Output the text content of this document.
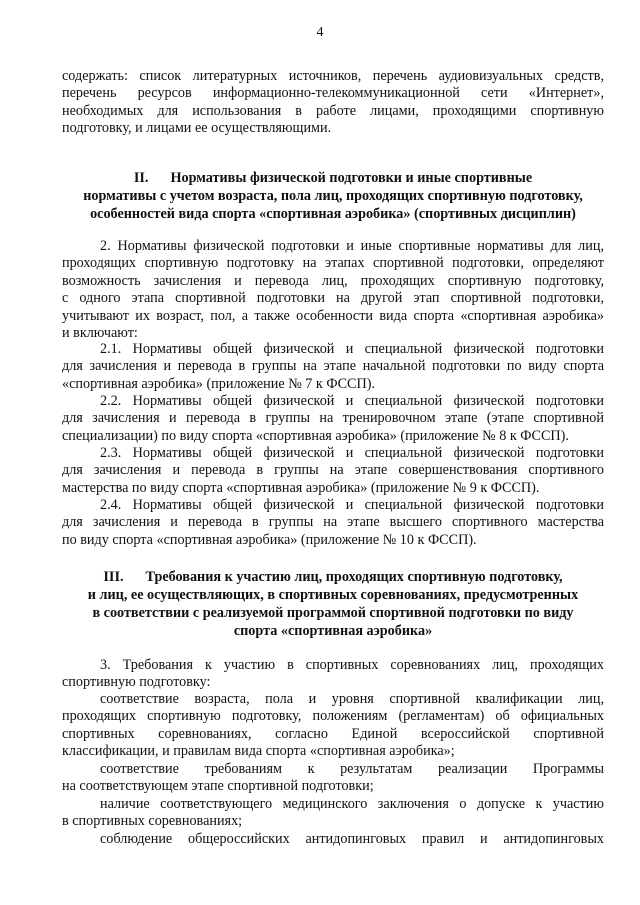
4
содержать: список литературных источников, перечень аудиовизуальных средств,
перечень ресурсов информационно-телекоммуникационной сети «Интернет»,
необходимых для использования в работе лицами, проходящими спортивную
подготовку, и лицами ее осуществляющими.
II. Нормативы физической подготовки и иные спортивные
нормативы с учетом возраста, пола лиц, проходящих спортивную подготовку,
особенностей вида спорта «спортивная аэробика» (спортивных дисциплин)
2. Нормативы физической подготовки и иные спортивные нормативы для лиц,
проходящих спортивную подготовку на этапах спортивной подготовки, определяют
возможность зачисления и перевода лиц, проходящих спортивную подготовку,
с одного этапа спортивной подготовки на другой этап спортивной подготовки,
учитывают их возраст, пол, а также особенности вида спорта «спортивная аэробика»
и включают:
2.1. Нормативы общей физической и специальной физической подготовки
для зачисления и перевода в группы на этапе начальной подготовки по виду спорта
«спортивная аэробика» (приложение № 7 к ФССП).
2.2. Нормативы общей физической и специальной физической подготовки
для зачисления и перевода в группы на тренировочном этапе (этапе спортивной
специализации) по виду спорта «спортивная аэробика» (приложение № 8 к ФССП).
2.3. Нормативы общей физической и специальной физической подготовки
для зачисления и перевода в группы на этапе совершенствования спортивного
мастерства по виду спорта «спортивная аэробика» (приложение № 9 к ФССП).
2.4. Нормативы общей физической и специальной физической подготовки
для зачисления и перевода в группы на этапе высшего спортивного мастерства
по виду спорта «спортивная аэробика» (приложение № 10 к ФССП).
III. Требования к участию лиц, проходящих спортивную подготовку,
и лиц, ее осуществляющих, в спортивных соревнованиях, предусмотренных
в соответствии с реализуемой программой спортивной подготовки по виду
спорта «спортивная аэробика»
3. Требования к участию в спортивных соревнованиях лиц, проходящих
спортивную подготовку:
соответствие возраста, пола и уровня спортивной квалификации лиц,
проходящих спортивную подготовку, положениям (регламентам) об официальных
спортивных соревнованиях, согласно Единой всероссийской спортивной
классификации, и правилам вида спорта «спортивная аэробика»;
соответствие требованиям к результатам реализации Программы
на соответствующем этапе спортивной подготовки;
наличие соответствующего медицинского заключения о допуске к участию
в спортивных соревнованиях;
соблюдение общероссийских антидопинговых правил и антидопинговых
